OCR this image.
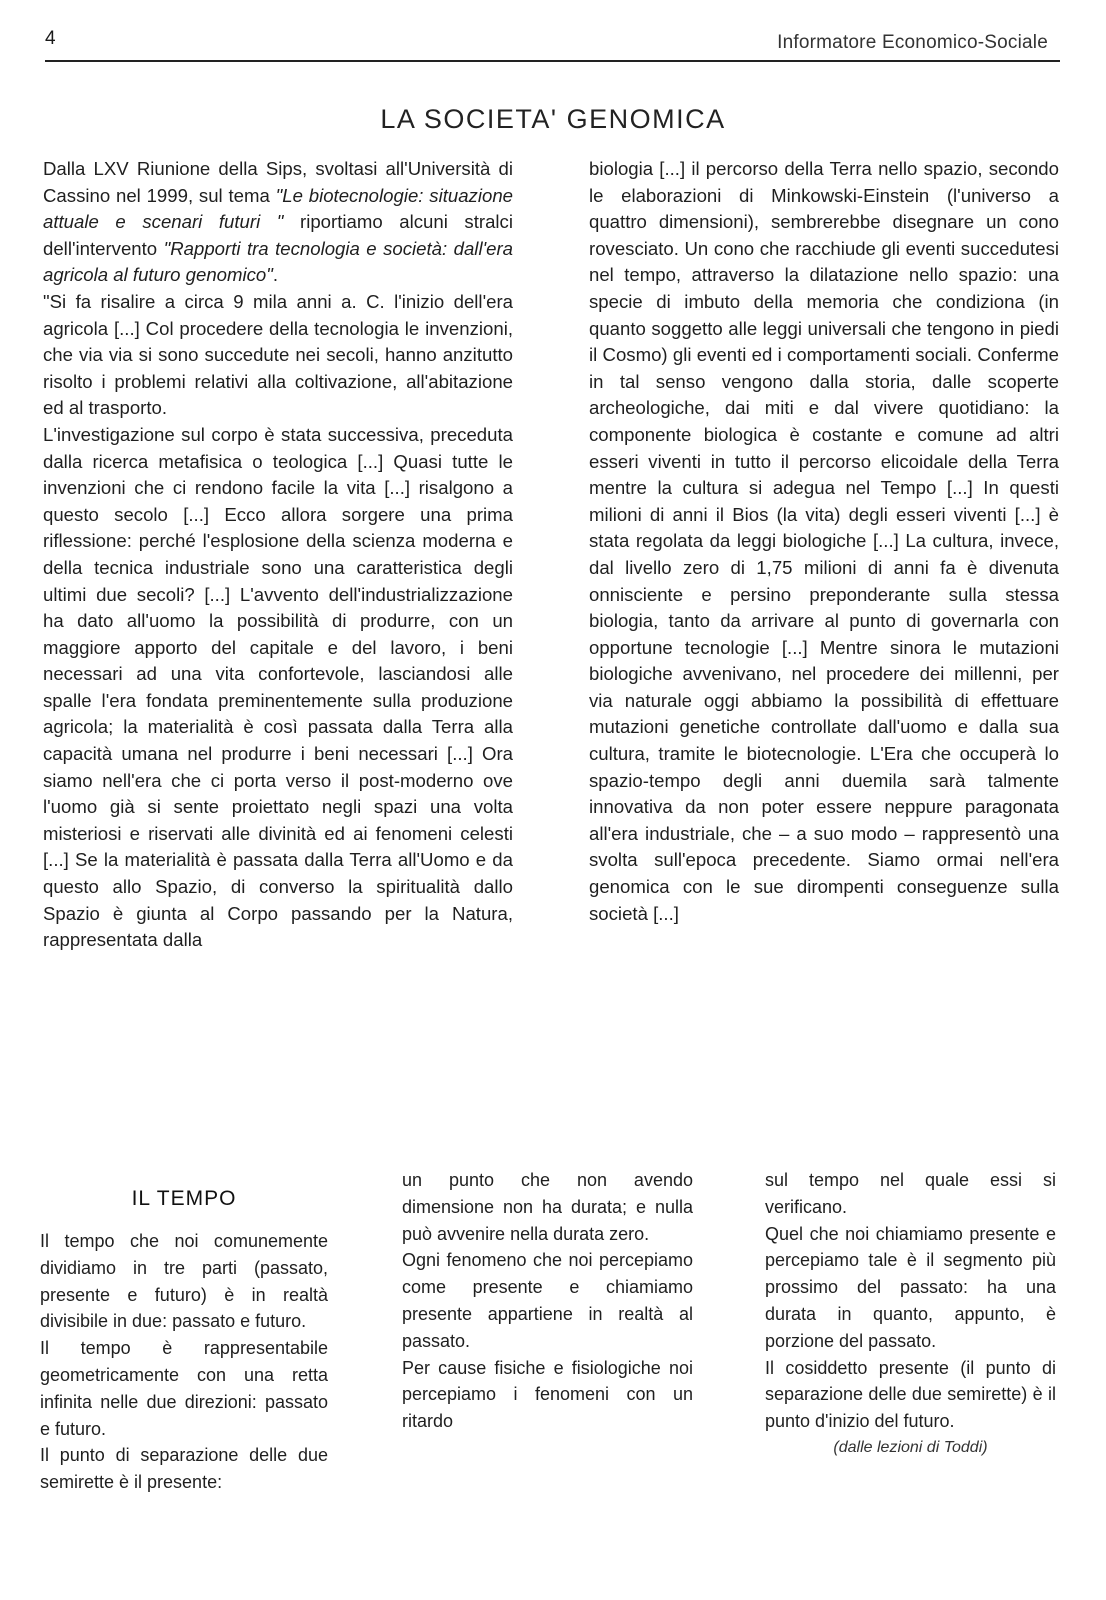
4	Informatore Economico-Sociale
LA SOCIETA' GENOMICA

Dalla LXV Riunione della Sips, svoltasi all'Università di Cassino nel 1999, sul tema "Le biotecnologie: situazione attuale e scenari futuri " riportiamo alcuni stralci dell'intervento "Rapporti tra tecnologia e società: dall'era agricola al futuro genomico".

"Si fa risalire a circa 9 mila anni a. C. l'inizio dell'era agricola [...] Col procedere della tecnologia le invenzioni, che via via si sono succedute nei secoli, hanno anzitutto risolto i problemi relativi alla coltivazione, all'abitazione ed al trasporto.

L'investigazione sul corpo è stata successiva, preceduta dalla ricerca metafisica o teologica [...] Quasi tutte le invenzioni che ci rendono facile la vita [...] risalgono a questo secolo [...] Ecco allora sorgere una prima riflessione: perché l'esplosione della scienza moderna e della tecnica industriale sono una caratteristica degli ultimi due secoli? [...] L'avvento dell'industrializzazione ha dato all'uomo la possibilità di produrre, con un maggiore apporto del capitale e del lavoro, i beni necessari ad una vita confortevole, lasciandosi alle spalle l'era fondata preminentemente sulla produzione agricola; la materialità è così passata dalla Terra alla capacità umana nel produrre i beni necessari [...] Ora siamo nell'era che ci porta verso il post-moderno ove l'uomo già si sente proiettato negli spazi una volta misteriosi e riservati alle divinità ed ai fenomeni celesti [...] Se la materialità è passata dalla Terra all'Uomo e da questo allo Spazio, di converso la spiritualità dallo Spazio è giunta al Corpo passando per la Natura, rappresentata dalla

biologia [...] il percorso della Terra nello spazio, secondo le elaborazioni di Minkowski-Einstein (l'universo a quattro dimensioni), sembrerebbe disegnare un cono rovesciato. Un cono che racchiude gli eventi succedutesi nel tempo, attraverso la dilatazione nello spazio: una specie di imbuto della memoria che condiziona (in quanto soggetto alle leggi universali che tengono in piedi il Cosmo) gli eventi ed i comportamenti sociali. Conferme in tal senso vengono dalla storia, dalle scoperte archeologiche, dai miti e dal vivere quotidiano: la componente biologica è costante e comune ad altri esseri viventi in tutto il percorso elicoidale della Terra mentre la cultura si adegua nel Tempo [...] In questi milioni di anni il Bios (la vita) degli esseri viventi [...] è stata regolata da leggi biologiche [...] La cultura, invece, dal livello zero di 1,75 milioni di anni fa è divenuta onnisciente e persino preponderante sulla stessa biologia, tanto da arrivare al punto di governarla con opportune tecnologie [...] Mentre sinora le mutazioni biologiche avvenivano, nel procedere dei millenni, per via naturale oggi abbiamo la possibilità di effettuare mutazioni genetiche controllate dall'uomo e dalla sua cultura, tramite le biotecnologie. L'Era che occuperà lo spazio-tempo degli anni duemila sarà talmente innovativa da non poter essere neppure paragonata all'era industriale, che – a suo modo – rappresentò una svolta sull'epoca precedente. Siamo ormai nell'era genomica con le sue dirompenti conseguenze sulla società [...]

IL TEMPO

Il tempo che noi comunemente dividiamo in tre parti (passato, presente e futuro) è in realtà divisibile in due: passato e futuro.

Il tempo è rappresentabile geometricamente con una retta infinita nelle due direzioni: passato e futuro.

Il punto di separazione delle due semirette è il presente:

un punto che non avendo dimensione non ha durata; e nulla può avvenire nella durata zero.

Ogni fenomeno che noi percepiamo come presente e chiamiamo presente appartiene in realtà al passato.

Per cause fisiche e fisiologiche noi percepiamo i fenomeni con un ritardo

sul tempo nel quale essi si verificano.

Quel che noi chiamiamo presente e percepiamo tale è il segmento più prossimo del passato: ha una durata in quanto, appunto, è porzione del passato.

Il cosiddetto presente (il punto di separazione delle due semirette) è il punto d'inizio del futuro.

(dalle lezioni di Toddi)
